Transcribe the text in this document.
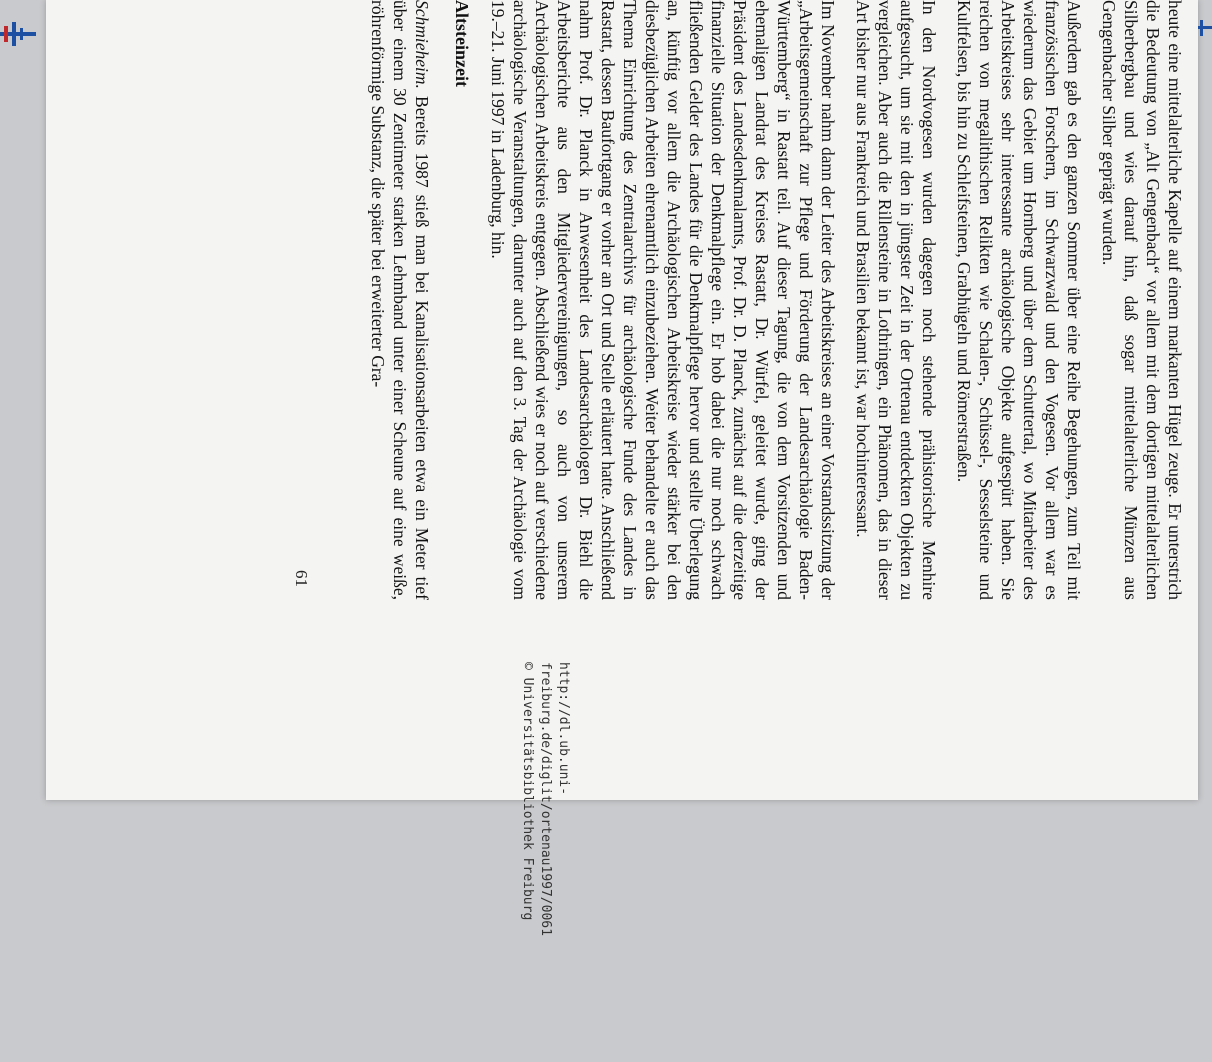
heute eine mittelalterliche Kapelle auf einem markanten Hügel zeuge. Er unterstrich die Bedeutung von „Alt Gengenbach“ vor allem mit dem dortigen mittelalterlichen Silberbergbau und wies darauf hin, daß sogar mittelalterliche Münzen aus Gengenbacher Silber geprägt wurden.

Außerdem gab es den ganzen Sommer über eine Reihe Begehungen, zum Teil mit französischen Forschern, im Schwarzwald und den Vogesen. Vor allem war es wiederum das Gebiet um Hornberg und über dem Schuttertal, wo Mitarbeiter des Arbeitskreises sehr interessante archäologische Objekte aufgespürt haben. Sie reichen von megalithischen Relikten wie Schalen-, Schüssel-, Sesselsteine und Kultfelsen, bis hin zu Schleifsteinen, Grabhügeln und Römerstraßen.

In den Nordvogesen wurden dagegen noch stehende prähistorische Menhire aufgesucht, um sie mit den in jüngster Zeit in der Ortenau entdeckten Objekten zu vergleichen. Aber auch die Rillensteine in Lothringen, ein Phänomen, das in dieser Art bisher nur aus Frankreich und Brasilien bekannt ist, war hochinteressant.

Im November nahm dann der Leiter des Arbeitskreises an einer Vorstandssitzung der „Arbeitsgemeinschaft zur Pflege und Förderung der Landesarchäologie Baden-Württemberg“ in Rastatt teil. Auf dieser Tagung, die von dem Vorsitzenden und ehemaligen Landrat des Kreises Rastatt, Dr. Würfel, geleitet wurde, ging der Präsident des Landesdenkmalamts, Prof. Dr. D. Planck, zunächst auf die derzeitige finanzielle Situation der Denkmalpflege ein. Er hob dabei die nur noch schwach fließenden Gelder des Landes für die Denkmalpflege hervor und stellte Überlegung an, künftig vor allem die Archäologischen Arbeitskreise wieder stärker bei den diesbezüglichen Arbeiten ehrenamtlich einzubeziehen. Weiter behandelte er auch das Thema Einrichtung des Zentralarchivs für archäologische Funde des Landes in Rastatt, dessen Baufortgang er vorher an Ort und Stelle erläutert hatte. Anschließend nahm Prof. Dr. Planck in Anwesenheit des Landesarchäologen Dr. Biehl die Arbeitsberichte aus den Mitgliedervereinigungen, so auch von unserem Archäologischen Arbeitskreis entgegen. Abschließend wies er noch auf verschiedene archäologische Veranstaltungen, darunter auch auf den 3. Tag der Archäologie vom 19.–21. Juni 1997 in Ladenburg, hin.

Altsteinzeit

Schmieheim. Bereits 1987 stieß man bei Kanalisationsarbeiten etwa ein Meter tief über einem 30 Zentimeter starken Lehmband unter einer Scheune auf eine weiße, röhrenförmige Substanz, die später bei erweiterter Gra-

61
http://dl.ub.uni-freiburg.de/diglit/ortenau1997/0061
© Universitätsbibliothek Freiburg
